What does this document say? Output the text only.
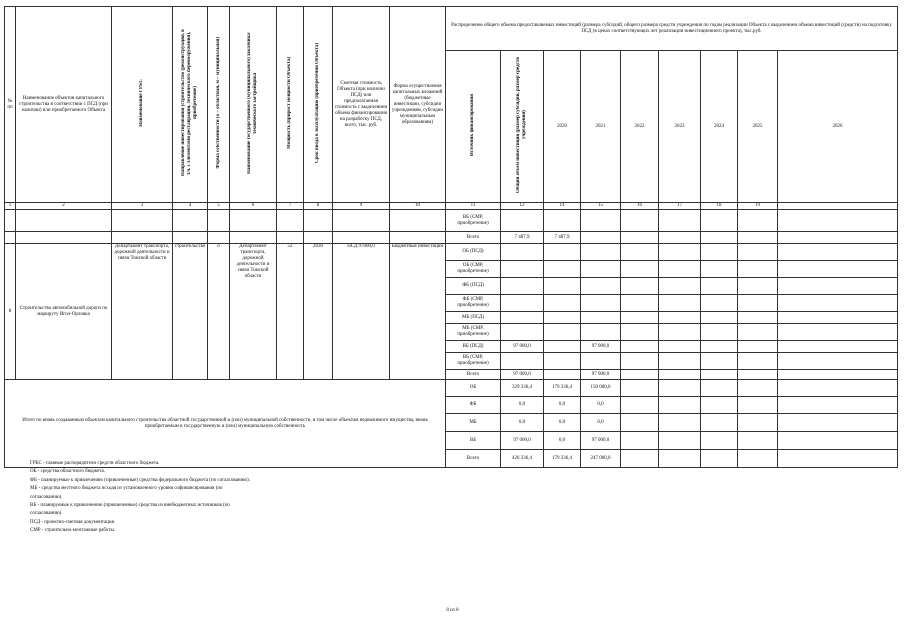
№ пп	Наименование объектов капитального строительства в соответствии с ПСД (при наличии) или приобретаемого Объекта	Наименование ГРБС	Направление инвестирования (строительство (реконструкция, в т.ч. с элементами реставрации, технического перевооружения), приобретение)	Форма собственности (о – областная, м – муниципальная)	Наименование государственного (муниципального) заказчика/ технического застройщика	Мощность (прирост мощности Объекта)	Срок ввода в эксплуатацию (приобретения Объекта)	Сметная стоимость Объекта (при наличии ПСД) или предполагаемая стоимость с выделением объема финансирования на разработку ПСД, всего, тыс. руб.	Форма осуществления капитальных вложений (бюджетные инвестиции, субсидии учреждениям, субсидии муниципальным образованиям)	Распределение общего объема предоставляемых инвестиций (размера субсидий, общего размера средств учреждения по годам реализации Объекта с выделением объема инвестиций (средств) на подготовку ПСД (в ценах соответствующих лет реализации инвестиционного проекта), тыс.руб.								
										Источник финансирования	Общий объем инвестиций (размер субсидии, размер средств учреждения)	2020	2021	2022	2023	2024	2025	2026
1	2	3	4	5	6	7	8	9	10	11	12	14	15	16	17	18	19	
										ВБ (СМР, приобретение)								
										Всего	7 487,9	7 487,9						
8	Строительство автомобильной дороги по маршруту Игол-Орловка	Департамент транспорта, дорожной деятельности и связи Томской области	строительство	о	Департамент транспорта, дорожной деятельности и связи Томской области	52	2030	ПСД 97000,0	Бюджетные инвестиции	ОБ (ПСД)								
										ОБ (СМР, приобретение)								
										ФБ (ПСД)								
										ФБ (СМР, приобретение)								
										МБ (ПСД)								
										МБ (СМР, приобретение)								
										ВБ (ПСД)	97 000,0		97 000,0					
										ВБ (СМР, приобретение)								
										Всего	97 000,0		97 000,0					
Итого по вновь создаваемым объектам капитального строительства областной государственной и (или) муниципальной собственности, в том числе объектам недвижимого имущества, вновь приобретаемым в государственную и (или) муниципальную собственность										ОБ	329 336,4	179 336,4	150 000,0					
										ФБ	0,0	0,0	0,0					
										МБ	0,0	0,0	0,0					
										ВБ	97 000,0	0,0	97 000,0					
										Всего	426 336,4	179 336,4	247 000,0					
ГРБС - главные распорядители средств областного бюджета.
ОБ - средства областного бюджета.
ФБ - планируемые к привлечению (привлеченные) средства федерального бюджета (по согласованию).
МБ - средства местного бюджета исходя из установленного уровня софинансирования (по
согласованию).
ВБ - планируемые к привлечению (привлеченные) средства из внебюджетных источников (по
согласованию).
ПСД - проектно-сметная документация.
СМР - строительно-монтажные работы.
8 из 8
